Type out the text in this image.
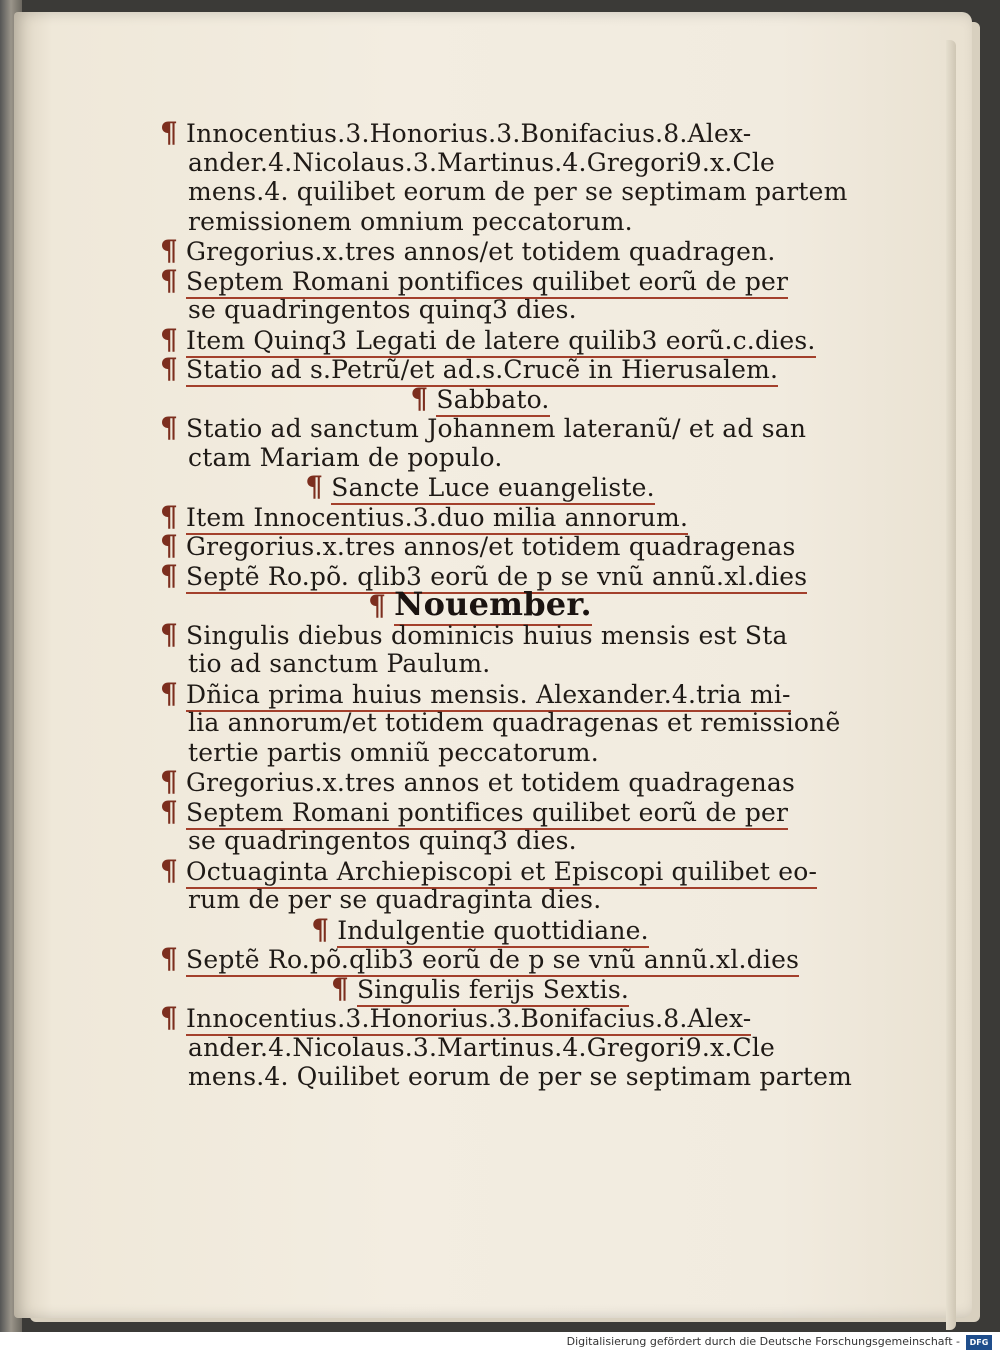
¶ Innocentius.3.Honorius.3.Bonifacius.8.Alex-
ander.4.Nicolaus.3.Martinus.4.Gregori9.x.Cle
mens.4. quilibet eorum de per se septimam partem
remissionem omnium peccatorum.
¶ Gregorius.x.tres annos/et totidem quadragen.
¶ Septem Romani pontifices quilibet eorũ de per
se quadringentos quinq3 dies.
¶ Item Quinq3 Legati de latere quilib3 eorũ.c.dies.
¶ Statio ad s.Petrũ/et ad.s.Crucẽ in Hierusalem.
¶ Sabbato.
¶ Statio ad sanctum Johannem lateranũ/ et ad san
ctam Mariam de populo.
¶ Sancte Luce euangeliste.
¶ Item Innocentius.3.duo milia annorum.
¶ Gregorius.x.tres annos/et totidem quadragenas
¶ Septẽ Ro.põ. qlib3 eorũ de p se vnũ annũ.xl.dies
¶ Nouember.
¶ Singulis diebus dominicis huius mensis est Sta
tio ad sanctum Paulum.
¶ Dñica prima huius mensis. Alexander.4.tria mi-
lia annorum/et totidem quadragenas et remissionẽ
tertie partis omniũ peccatorum.
¶ Gregorius.x.tres annos et totidem quadragenas
¶ Septem Romani pontifices quilibet eorũ de per
se quadringentos quinq3 dies.
¶ Octuaginta Archiepiscopi et Episcopi quilibet eo-
rum de per se quadraginta dies.
¶ Indulgentie quottidiane.
¶ Septẽ Ro.põ.qlib3 eorũ de p se vnũ annũ.xl.dies
¶ Singulis ferijs Sextis.
¶ Innocentius.3.Honorius.3.Bonifacius.8.Alex-
ander.4.Nicolaus.3.Martinus.4.Gregori9.x.Cle
mens.4. Quilibet eorum de per se septimam partem
Digitalisierung gefördert durch die Deutsche Forschungsgemeinschaft -	DFG
